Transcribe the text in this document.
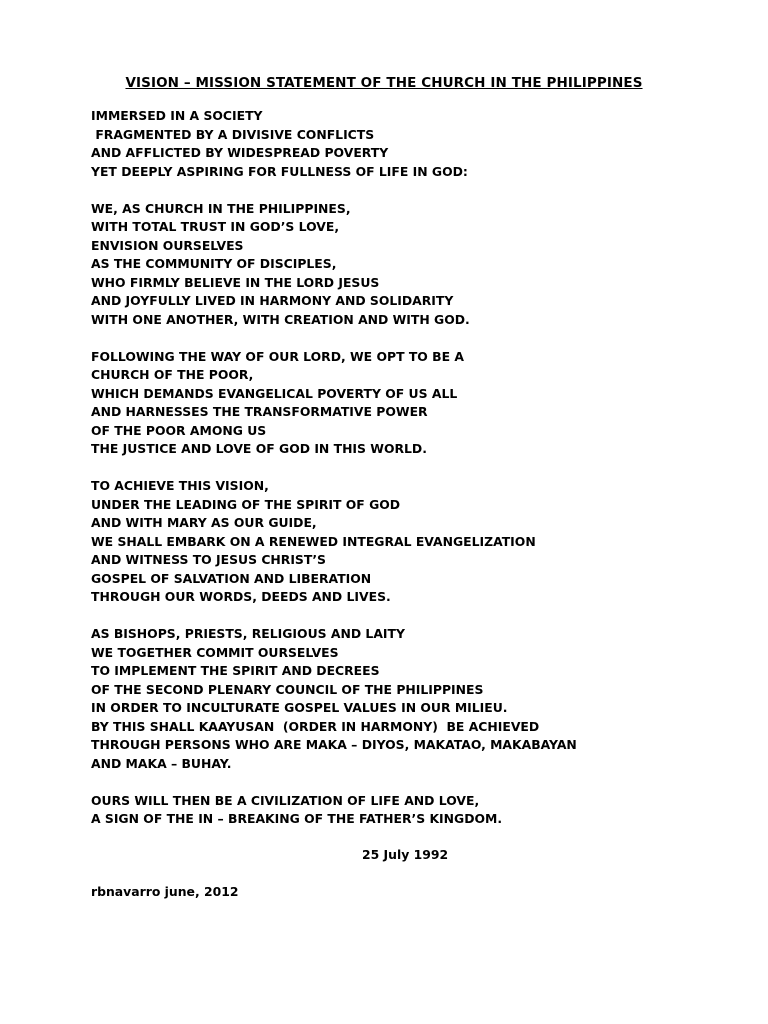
VISION – MISSION STATEMENT OF THE CHURCH IN THE PHILIPPINES
IMMERSED IN A SOCIETY
FRAGMENTED BY A DIVISIVE CONFLICTS
AND AFFLICTED BY WIDESPREAD POVERTY
YET DEEPLY ASPIRING FOR FULLNESS OF LIFE IN GOD:
WE, AS CHURCH IN THE PHILIPPINES,
WITH TOTAL TRUST IN GOD’S LOVE,
ENVISION OURSELVES
AS THE COMMUNITY OF DISCIPLES,
WHO FIRMLY BELIEVE IN THE LORD JESUS
AND JOYFULLY LIVED IN HARMONY AND SOLIDARITY
WITH ONE ANOTHER, WITH CREATION AND WITH GOD.
FOLLOWING THE WAY OF OUR LORD, WE OPT TO BE A
CHURCH OF THE POOR,
WHICH DEMANDS EVANGELICAL POVERTY OF US ALL
AND HARNESSES THE TRANSFORMATIVE POWER
OF THE POOR AMONG US
THE JUSTICE AND LOVE OF GOD IN THIS WORLD.
TO ACHIEVE THIS VISION,
UNDER THE LEADING OF THE SPIRIT OF GOD
AND WITH MARY AS OUR GUIDE,
WE SHALL EMBARK ON A RENEWED INTEGRAL EVANGELIZATION
AND WITNESS TO JESUS CHRIST’S
GOSPEL OF SALVATION AND LIBERATION
THROUGH OUR WORDS, DEEDS AND LIVES.
AS BISHOPS, PRIESTS, RELIGIOUS AND LAITY
WE TOGETHER COMMIT OURSELVES
TO IMPLEMENT THE SPIRIT AND DECREES
OF THE SECOND PLENARY COUNCIL OF THE PHILIPPINES
IN ORDER TO INCULTURATE GOSPEL VALUES IN OUR MILIEU.
BY THIS SHALL KAAYUSAN  (ORDER IN HARMONY)  BE ACHIEVED
THROUGH PERSONS WHO ARE MAKA – DIYOS, MAKATAO, MAKABAYAN
AND MAKA – BUHAY.
OURS WILL THEN BE A CIVILIZATION OF LIFE AND LOVE,
A SIGN OF THE IN – BREAKING OF THE FATHER’S KINGDOM.
25 July 1992
rbnavarro june, 2012
